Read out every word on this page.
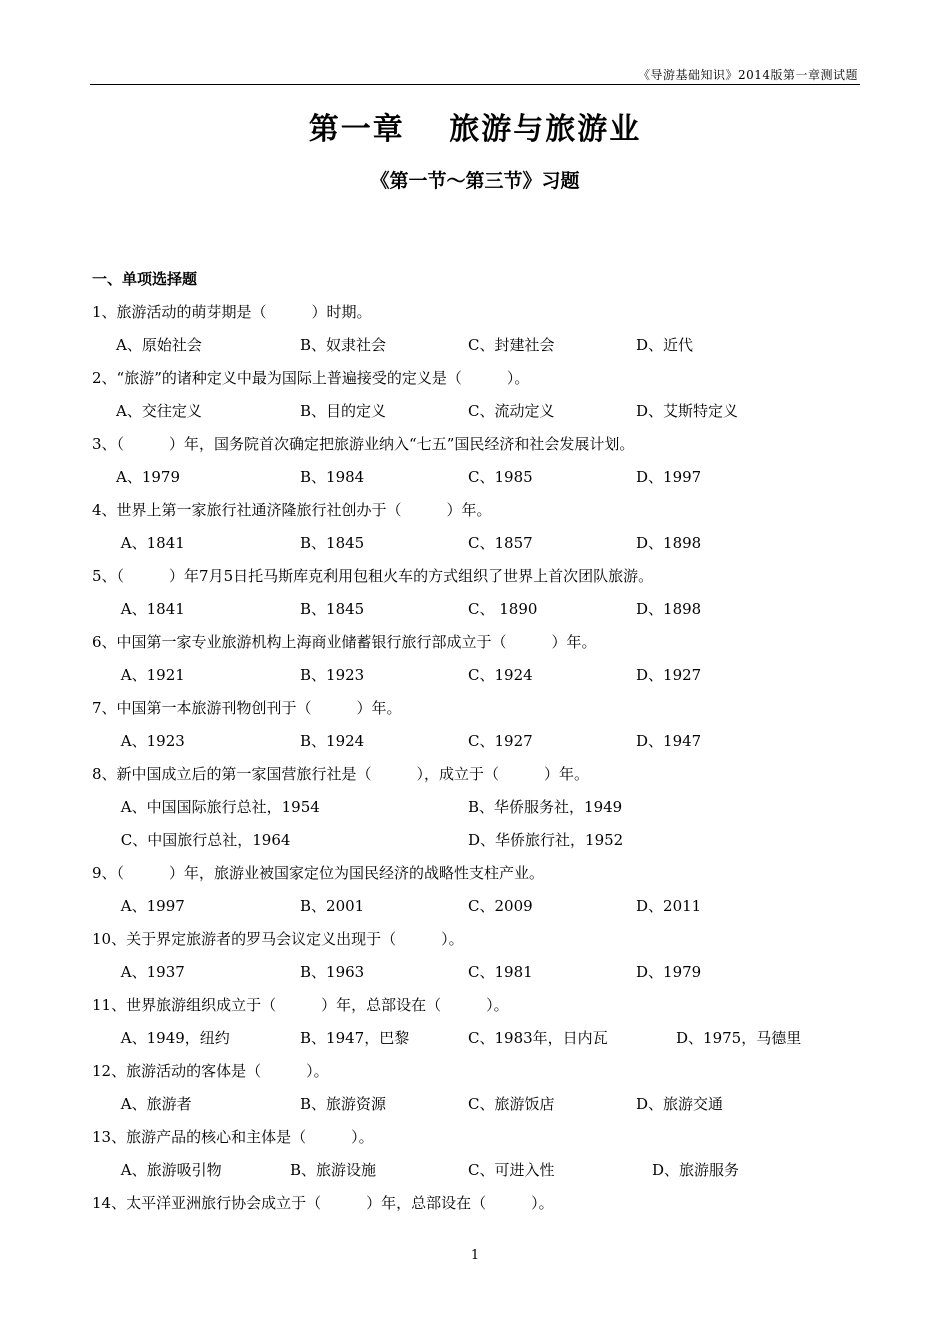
《导游基础知识》2014版第一章测试题
第一章　 旅游与旅游业
《第一节～第三节》习题
一、单项选择题
1、旅游活动的萌芽期是（　　　）时期。
A、原始社会	B、奴隶社会	C、封建社会	D、近代
2、“旅游”的诸种定义中最为国际上普遍接受的定义是（　　　）。
A、交往定义	B、目的定义	C、流动定义	D、艾斯特定义
3、（　　　）年，国务院首次确定把旅游业纳入“七五”国民经济和社会发展计划。
A、1979	B、1984	C、1985	D、1997
4、世界上第一家旅行社通济隆旅行社创办于（　　　）年。
A、1841	B、1845	C、1857	D、1898
5、（　　　）年7月5日托马斯库克利用包租火车的方式组织了世界上首次团队旅游。
A、1841	B、1845	C、 1890	D、1898
6、中国第一家专业旅游机构上海商业储蓄银行旅行部成立于（　　　）年。
A、1921	B、1923	C、1924	D、1927
7、中国第一本旅游刊物创刊于（　　　）年。
A、1923	B、1924	C、1927	D、1947
8、新中国成立后的第一家国营旅行社是（　　　），成立于（　　　）年。
A、中国国际旅行总社，1954	B、华侨服务社，1949
C、中国旅行总社，1964	D、华侨旅行社，1952
9、（　　　）年，旅游业被国家定位为国民经济的战略性支柱产业。
A、1997	B、2001	C、2009	D、2011
10、关于界定旅游者的罗马会议定义出现于（　　　）。
A、1937	B、1963	C、1981	D、1979
11、世界旅游组织成立于（　　　）年，总部设在（　　　）。
A、1949，纽约	B、1947，巴黎	C、1983年，日内瓦	D、1975，马德里
12、旅游活动的客体是（　　　）。
A、旅游者	B、旅游资源	C、旅游饭店	D、旅游交通
13、旅游产品的核心和主体是（　　　）。
A、旅游吸引物	B、旅游设施	C、可进入性	D、旅游服务
14、太平洋亚洲旅行协会成立于（　　　）年，总部设在（　　　）。
1
